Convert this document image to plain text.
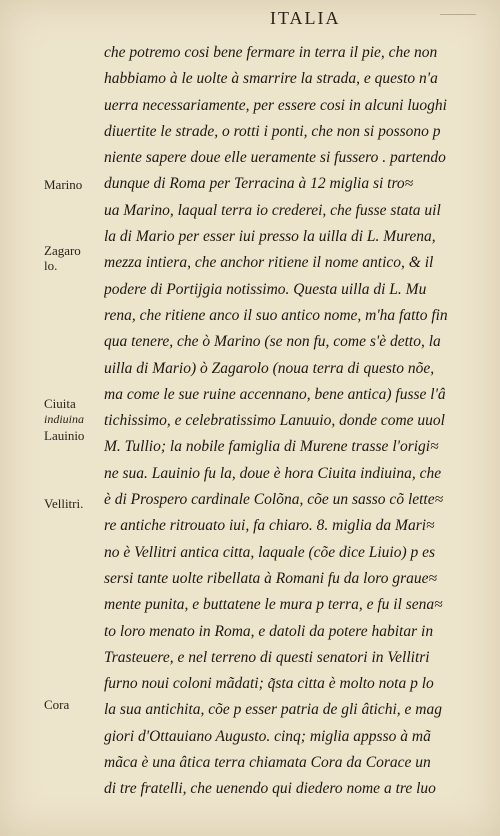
ITALIA
Marino
Zagaro
lo.
Ciuita
indiuina
Lauinio
Vellitri.
Cora
che potremo cosi bene fermare in terra il pie, che non
habbiamo à le uolte à smarrire la strada, e questo n'a
uerra necessariamente, per essere cosi in alcuni luoghi
diuertite le strade, o rotti i ponti, che non si possono p
niente sapere doue elle ueramente si fussero . partendo
dunque di Roma per Terracina à 12 miglia si tro≈
ua Marino, laqual terra io crederei, che fusse stata uil
la di Mario per esser iui presso la uilla di L. Murena,
mezza intiera, che anchor ritiene il nome antico, & il
podere di Portijgia notissimo. Questa uilla di L. Mu
rena, che ritiene anco il suo antico nome, m'ha fatto fin
qua tenere, che ò Marino (se non fu, come s'è detto, la
uilla di Mario) ò Zagarolo (noua terra di questo nõe,
ma come le sue ruine accennano, bene antica) fusse l'â
tichissimo, e celebratissimo Lanuuio, donde come uuol
M. Tullio; la nobile famiglia di Murene trasse l'origi≈
ne sua. Lauinio fu la, doue è hora Ciuita indiuina, che
è di Prospero cardinale Colõna, cõe un sasso cõ lette≈
re antiche ritrouato iui, fa chiaro. 8. miglia da Mari≈
no è Vellitri antica citta, laquale (cõe dice Liuio) p es
sersi tante uolte ribellata à Romani fu da loro graue≈
mente punita, e buttatene le mura p terra, e fu il sena≈
to loro menato in Roma, e datoli da potere habitar in
Trasteuere, e nel terreno di questi senatori in Vellitri
furno noui coloni mãdati; q̃sta citta è molto nota p lo
la sua antichita, cõe p esser patria de gli âtichi, e mag
giori d'Ottauiano Augusto. cinq; miglia appsso à mã
mãca è una âtica terra chiamata Cora da Corace un
di tre fratelli, che uenendo qui diedero nome a tre luo
